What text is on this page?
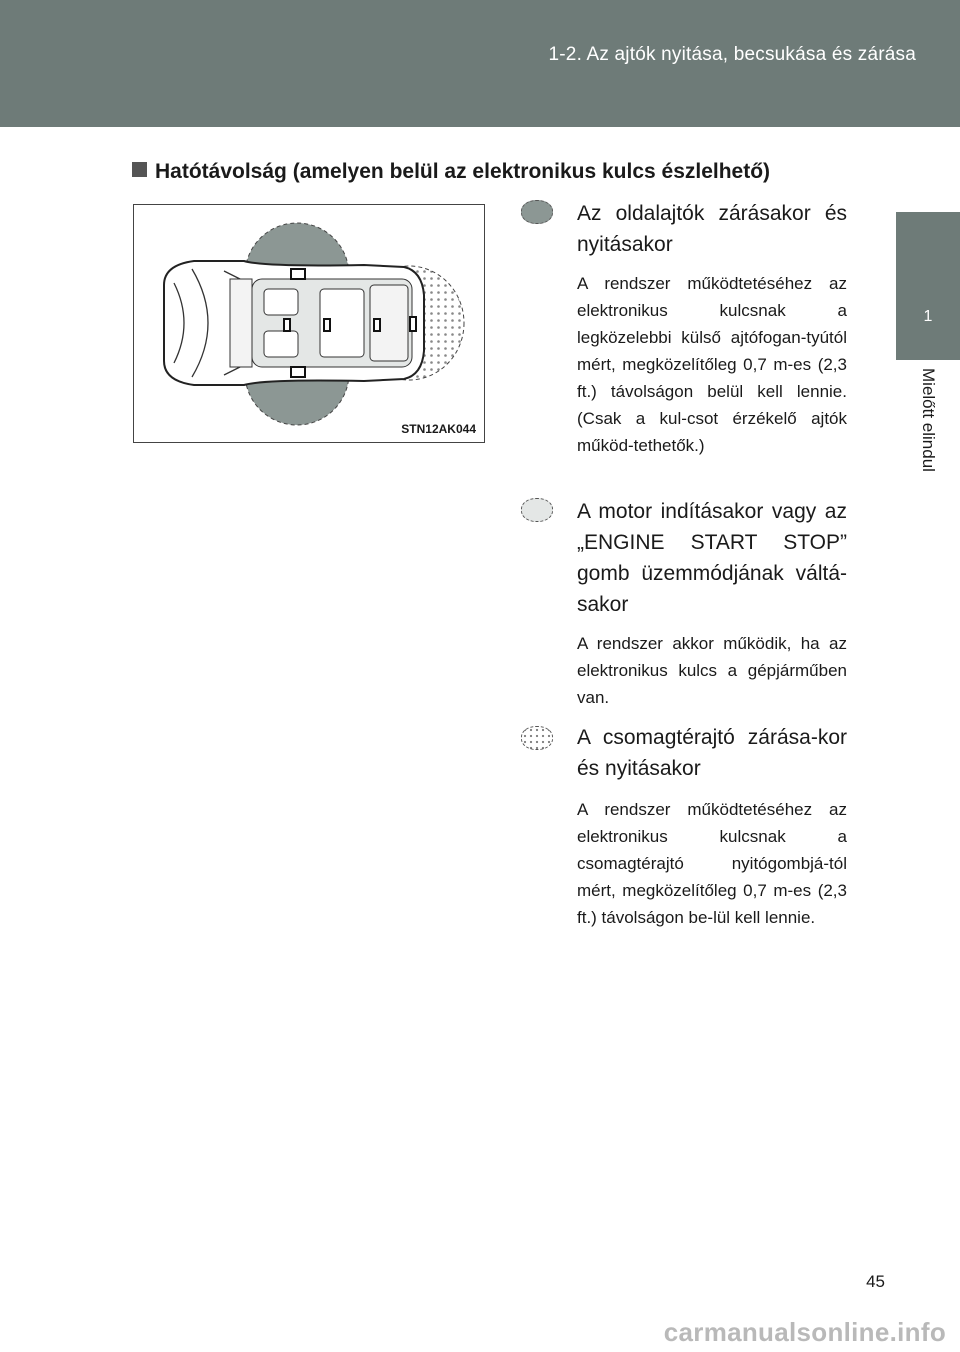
1-2. Az ajtók nyitása, becsukása és zárása
1
Mielőtt elindul
Hatótávolság (amelyen belül az elektronikus kulcs észlelhető)
STN12AK044
Az oldalajtók zárásakor és nyitásakor
A rendszer működtetéséhez az elektronikus kulcsnak a legközelebbi külső ajtófogan-tyútól mért, megközelítőleg 0,7 m-es (2,3 ft.) távolságon belül kell lennie. (Csak a kul-csot érzékelő ajtók működ-tethetők.)
A motor indításakor vagy az „ENGINE START STOP” gomb üzemmódjának váltá-sakor
A rendszer akkor működik, ha az elektronikus kulcs a gépjárműben van.
A csomagtérajtó zárása-kor és nyitásakor
A rendszer működtetéséhez az elektronikus kulcsnak a csomagtérajtó nyitógombjá-tól mért, megközelítőleg 0,7 m-es (2,3 ft.) távolságon be-lül kell lennie.
45
carmanualsonline.info
